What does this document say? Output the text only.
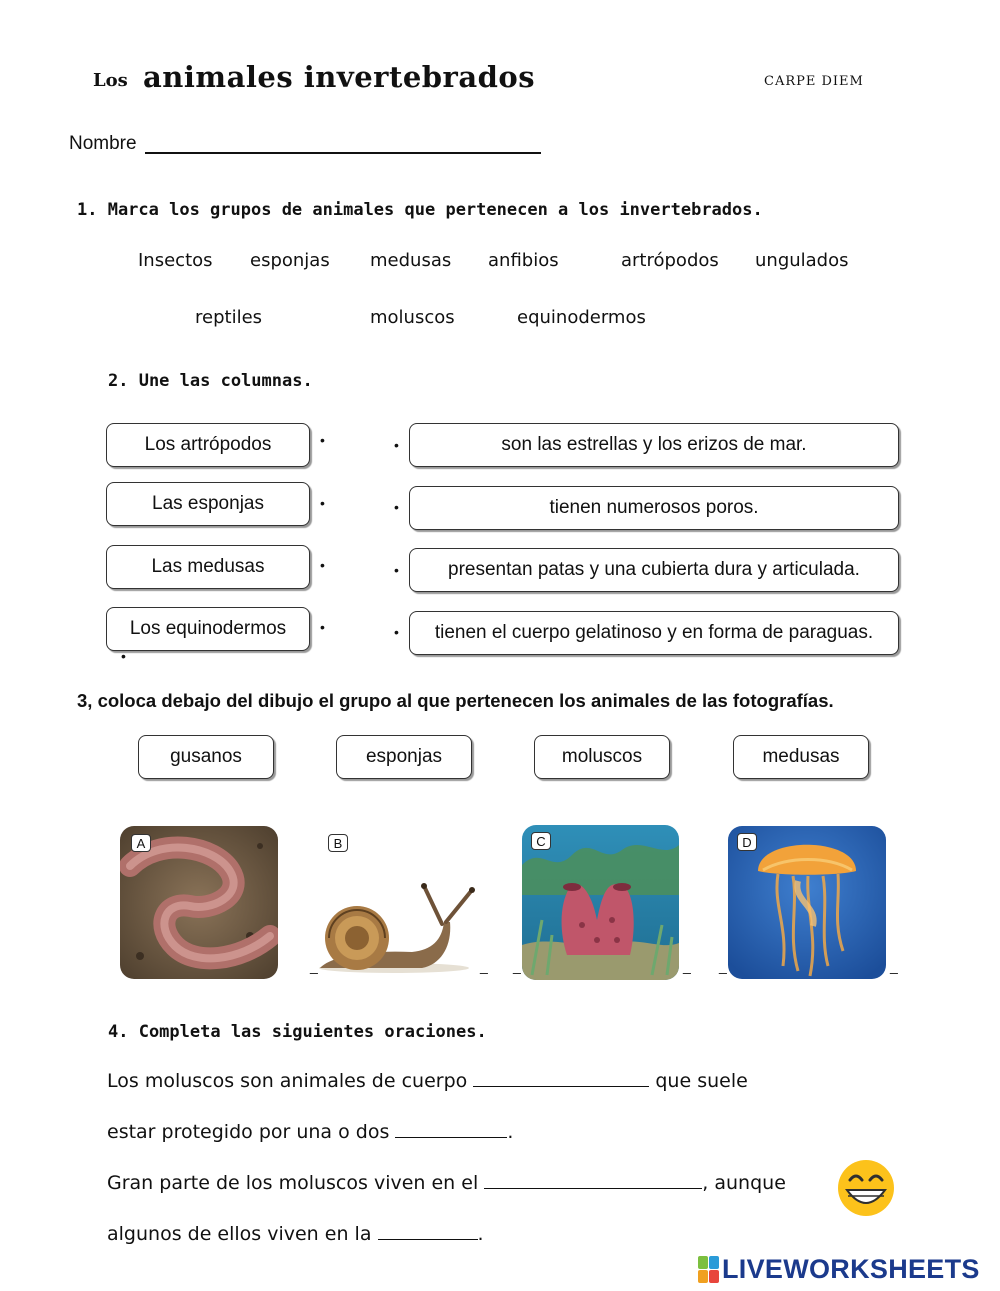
Los animales invertebrados	CARPE DIEM
Nombre
1. Marca los grupos de animales que pertenecen a los invertebrados.
Insectos esponjas medusas anfibios	artrópodos ungulados
reptiles	moluscos	equinodermos
2. Une las columnas.
Los artrópodos
Las esponjas
Las medusas
Los equinodermos
•
•
•
•
•
•
•
•
•
son las estrellas y los erizos de mar.
tienen numerosos poros.
presentan patas y una cubierta dura y articulada.
tienen el cuerpo gelatinoso y en forma de paraguas.
3, coloca debajo del dibujo el grupo al que pertenecen los animales de las fotografías.
gusanos	esponjas	moluscos	medusas
A	B	C	D
_	_ _	_ _	_
4. Completa las siguientes oraciones.
Los moluscos son animales de cuerpo	que suele
estar protegido por una o dos	.
Gran parte de los moluscos viven en el	, aunque
algunos de ellos viven en la	.
LIVEWORKSHEETS
